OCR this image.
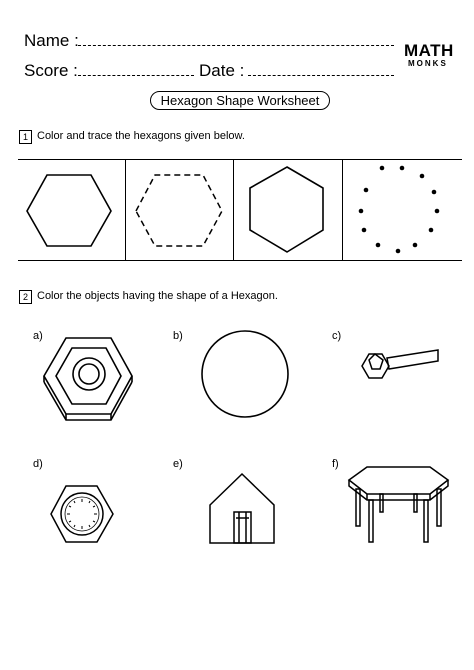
Name :
Score :	Date :
MATH
MONKS
Hexagon Shape Worksheet
1 Color and trace the hexagons given below.
2 Color the objects having the shape of a Hexagon.
a)	b)	c)
d)	e)	f)
